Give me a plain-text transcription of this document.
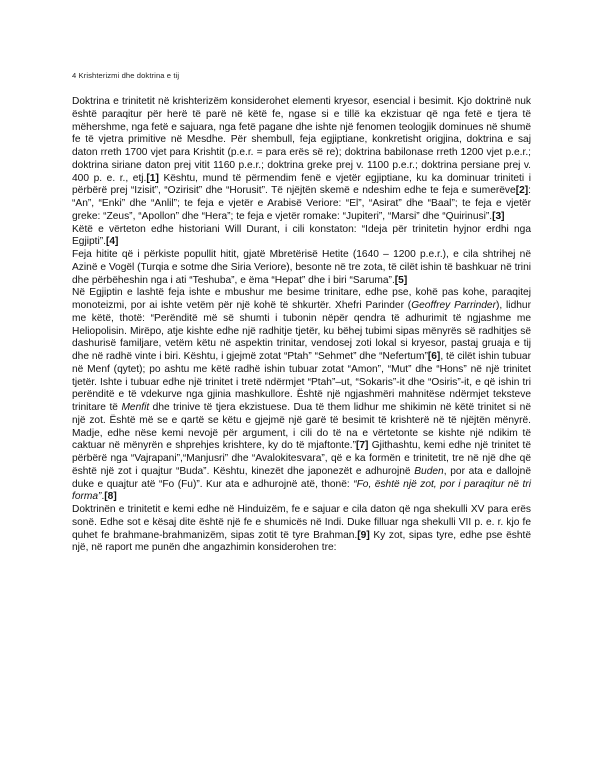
4 Krishterizmi dhe doktrina e tij

Doktrina e trinitetit në krishterizëm konsiderohet elementi kryesor, esencial i besimit. Kjo doktrinë nuk është paraqitur për herë të parë në këtë fe, ngase si e tillë ka ekzistuar që nga fetë e tjera të mëhershme, nga fetë e sajuara, nga fetë pagane dhe ishte një fenomen teologjik dominues në shumë fe të vjetra primitive në Mesdhe. Për shembull, feja egjiptiane, konkretisht origjina, doktrina e saj daton rreth 1700 vjet para Krishtit (p.e.r. = para erës së re); doktrina babilonase rreth 1200 vjet p.e.r.; doktrina siriane daton prej vitit 1160 p.e.r.; doktrina greke prej v. 1100 p.e.r.; doktrina persiane prej v. 400 p. e. r., etj.[1] Kështu, mund të përmendim fenë e vjetër egjiptiane, ku ka dominuar triniteti i përbërë prej “Izisit”, “Ozirisit” dhe “Horusit”. Të njëjtën skemë e ndeshim edhe te feja e sumerëve[2]: “An”, “Enki” dhe “Anlil”; te feja e vjetër e Arabisë Veriore: “El”, “Asirat” dhe “Baal”; te feja e vjetër greke: “Zeus”, “Apollon” dhe “Hera”; te feja e vjetër romake: “Jupiteri”, “Marsi” dhe “Quirinusi”.[3]

Këtë e vërteton edhe historiani Will Durant, i cili konstaton: “Ideja për trinitetin hyjnor erdhi nga Egjipti”.[4]

Feja hitite që i përkiste popullit hitit, gjatë Mbretërisë Hetite (1640 – 1200 p.e.r.), e cila shtrihej në Azinë e Vogël (Turqia e sotme dhe Siria Veriore), besonte në tre zota, të cilët ishin të bashkuar në trini dhe përbëheshin nga i ati “Teshuba”, e ëma “Hepat” dhe i biri “Saruma”.[5]

Në Egjiptin e lashtë feja ishte e mbushur me besime trinitare, edhe pse, kohë pas kohe, paraqitej monoteizmi, por ai ishte vetëm për një kohë të shkurtër. Xhefri Parinder (Geoffrey Parrinder), lidhur me këtë, thotë: “Perënditë më së shumti i tubonin nëpër qendra të adhurimit të ngjashme me Heliopolisin. Mirëpo, atje kishte edhe një radhitje tjetër, ku bëhej tubimi sipas mënyrës së radhitjes së dashurisë familjare, vetëm këtu në aspektin trinitar, vendosej zoti lokal si kryesor, pastaj gruaja e tij dhe në radhë vinte i biri. Kështu, i gjejmë zotat “Ptah” “Sehmet” dhe “Nefertum”[6], të cilët ishin tubuar në Menf (qytet); po ashtu me këtë radhë ishin tubuar zotat “Amon”, “Mut” dhe “Hons” në një trinitet tjetër. Ishte i tubuar edhe një trinitet i tretë ndërmjet “Ptah”–ut, “Sokaris”-it dhe “Osiris”-it, e që ishin tri perënditë e të vdekurve nga gjinia mashkullore. Është një ngjashmëri mahnitëse ndërmjet teksteve trinitare të Menfit dhe trinive të tjera ekzistuese. Dua të them lidhur me shikimin në këtë trinitet si në një zot. Është më se e qartë se këtu e gjejmë një garë të besimit të krishterë në të njëjtën mënyrë. Madje, edhe nëse kemi nevojë për argument, i cili do të na e vërtetonte se kishte një ndikim të caktuar në mënyrën e shprehjes krishtere, ky do të mjaftonte.”[7] Gjithashtu, kemi edhe një trinitet të përbërë nga “Vajrapani”,“Manjusri” dhe “Avalokitesvara”, që e ka formën e trinitetit, tre në një dhe që është një zot i quajtur “Buda”. Kështu, kinezët dhe japonezët e adhurojnë Buden, por ata e dallojnë duke e quajtur atë “Fo (Fu)”. Kur ata e adhurojnë atë, thonë: “Fo, është një zot, por i paraqitur në tri forma”.[8]

Doktrinën e trinitetit e kemi edhe në Hinduizëm, fe e sajuar e cila daton që nga shekulli XV para erës sonë. Edhe sot e kësaj dite është një fe e shumicës në Indi. Duke filluar nga shekulli VII p. e. r. kjo fe quhet fe brahmane-brahmanizëm, sipas zotit të tyre Brahman.[9] Ky zot, sipas tyre, edhe pse është një, në raport me punën dhe angazhimin konsiderohen tre:
